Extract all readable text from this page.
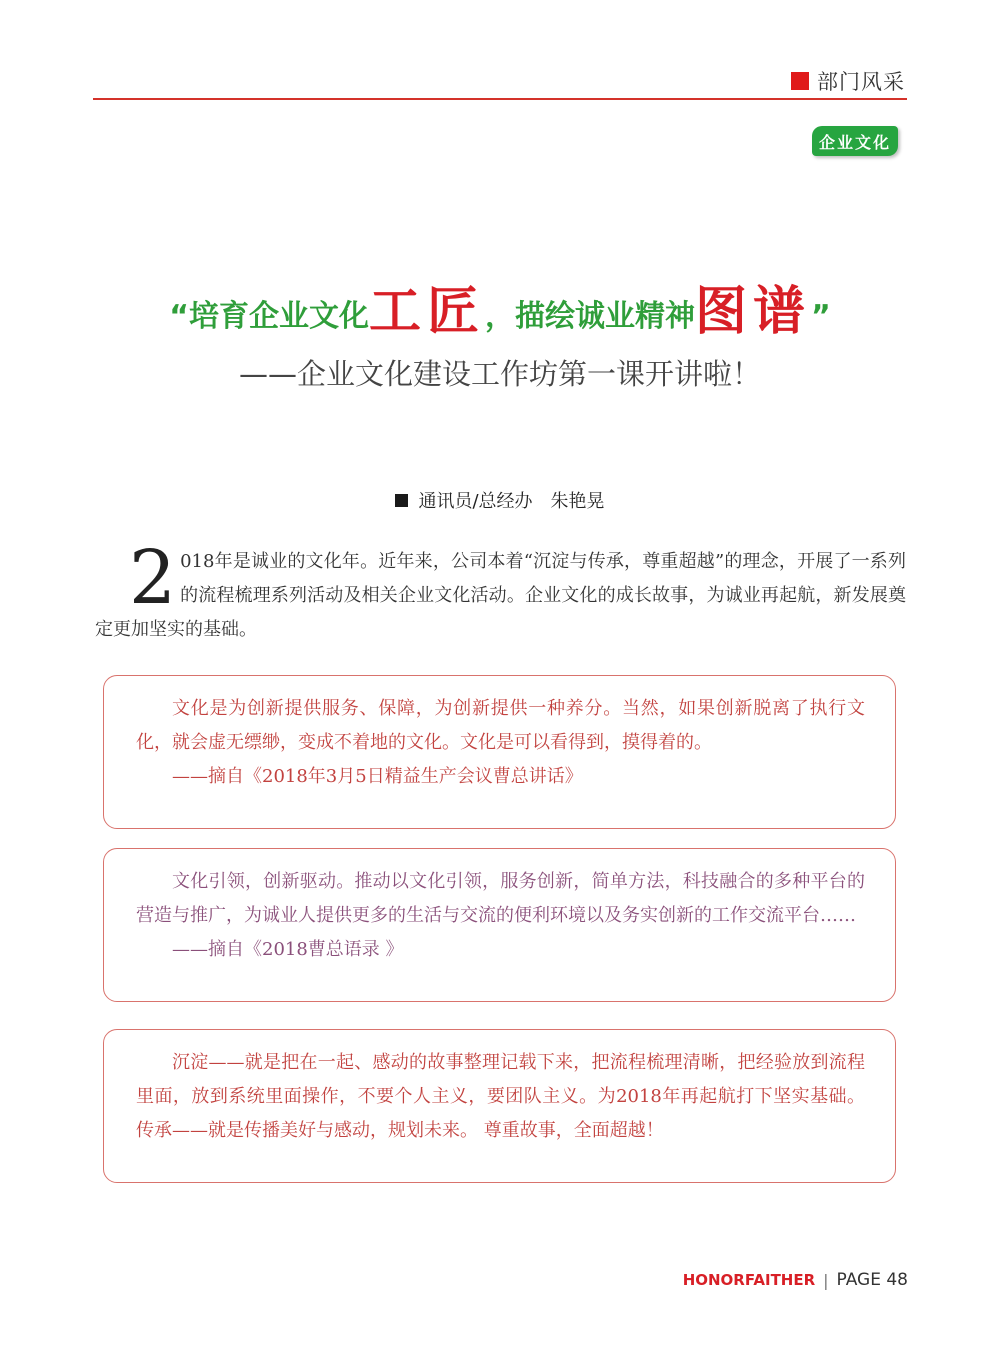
部门风采
企业文化
“培育企业文化工匠，描绘诚业精神图谱”
——企业文化建设工作坊第一课开讲啦！
通讯员/总经办　朱艳晃
2 018年是诚业的文化年。近年来，公司本着“沉淀与传承，尊重超越”的理念，开展了一系列的流程梳理系列活动及相关企业文化活动。企业文化的成长故事，为诚业再起航，新发展奠定更加坚实的基础。

文化是为创新提供服务、保障，为创新提供一种养分。当然，如果创新脱离了执行文化，就会虚无缥缈，变成不着地的文化。文化是可以看得到，摸得着的。

——摘自《2018年3月5日精益生产会议曹总讲话》

文化引领，创新驱动。推动以文化引领，服务创新，简单方法，科技融合的多种平台的营造与推广，为诚业人提供更多的生活与交流的便利环境以及务实创新的工作交流平台……

——摘自《2018曹总语录 》

沉淀——就是把在一起、感动的故事整理记载下来，把流程梳理清晰，把经验放到流程里面，放到系统里面操作，不要个人主义，要团队主义。为2018年再起航打下坚实基础。传承——就是传播美好与感动，规划未来。 尊重故事，全面超越！

HONORFAITHER | PAGE 48
